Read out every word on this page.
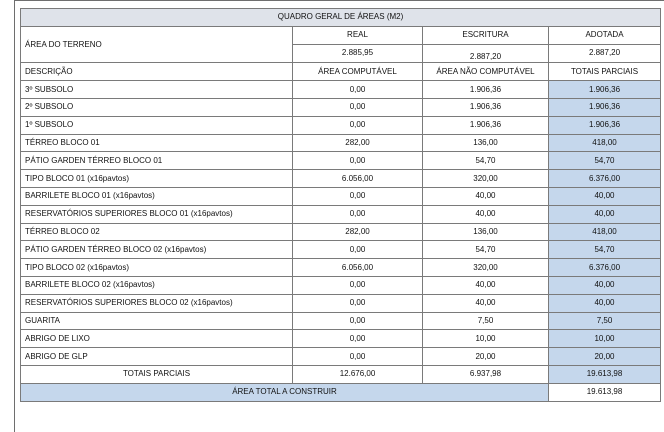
QUADRO GERAL DE ÁREAS (M2)			
ÁREA DO TERRENO	REAL	ESCRITURA	ADOTADA
	2.885,95	2.887,20	2.887,20
DESCRIÇÃO	ÁREA COMPUTÁVEL	ÁREA NÃO COMPUTÁVEL	TOTAIS PARCIAIS
3º SUBSOLO	0,00	1.906,36	1.906,36
2º SUBSOLO	0,00	1.906,36	1.906,36
1º SUBSOLO	0,00	1.906,36	1.906,36
TÉRREO BLOCO 01	282,00	136,00	418,00
PÁTIO GARDEN TÉRREO BLOCO 01	0,00	54,70	54,70
TIPO BLOCO 01 (x16pavtos)	6.056,00	320,00	6.376,00
BARRILETE BLOCO 01 (x16pavtos)	0,00	40,00	40,00
RESERVATÓRIOS SUPERIORES BLOCO 01 (x16pavtos)	0,00	40,00	40,00
TÉRREO BLOCO 02	282,00	136,00	418,00
PÁTIO GARDEN TÉRREO BLOCO 02 (x16pavtos)	0,00	54,70	54,70
TIPO BLOCO 02 (x16pavtos)	6.056,00	320,00	6.376,00
BARRILETE BLOCO 02 (x16pavtos)	0,00	40,00	40,00
RESERVATÓRIOS SUPERIORES BLOCO 02 (x16pavtos)	0,00	40,00	40,00
GUARITA	0,00	7,50	7,50
ABRIGO DE LIXO	0,00	10,00	10,00
ABRIGO DE GLP	0,00	20,00	20,00
TOTAIS PARCIAIS	12.676,00	6.937,98	19.613,98
ÁREA TOTAL A CONSTRUIR			19.613,98
